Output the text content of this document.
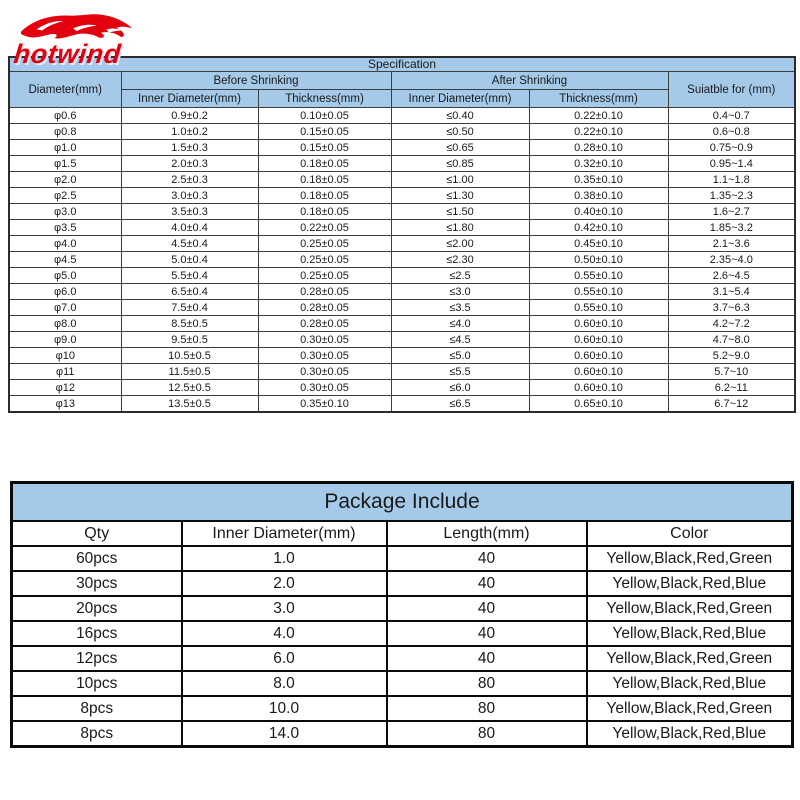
hotwind	Specification					
Diameter(mm)	Before Shrinking		After Shrinking		Suiatble for (mm)
	Inner Diameter(mm)	Thickness(mm)	Inner Diameter(mm)	Thickness(mm)	
φ0.6	0.9±0.2	0.10±0.05	≤0.40	0.22±0.10	0.4~0.7
φ0.8	1.0±0.2	0.15±0.05	≤0.50	0.22±0.10	0.6~0.8
φ1.0	1.5±0.3	0.15±0.05	≤0.65	0.28±0.10	0.75~0.9
φ1.5	2.0±0.3	0.18±0.05	≤0.85	0.32±0.10	0.95~1.4
φ2.0	2.5±0.3	0.18±0.05	≤1.00	0.35±0.10	1.1~1.8
φ2.5	3.0±0.3	0.18±0.05	≤1.30	0.38±0.10	1.35~2.3
φ3.0	3.5±0.3	0.18±0.05	≤1.50	0.40±0.10	1.6~2.7
φ3.5	4.0±0.4	0.22±0.05	≤1.80	0.42±0.10	1.85~3.2
φ4.0	4.5±0.4	0.25±0.05	≤2.00	0.45±0.10	2.1~3.6
φ4.5	5.0±0.4	0.25±0.05	≤2.30	0.50±0.10	2.35~4.0
φ5.0	5.5±0.4	0.25±0.05	≤2.5	0.55±0.10	2.6~4.5
φ6.0	6.5±0.4	0.28±0.05	≤3.0	0.55±0.10	3.1~5.4
φ7.0	7.5±0.4	0.28±0.05	≤3.5	0.55±0.10	3.7~6.3
φ8.0	8.5±0.5	0.28±0.05	≤4.0	0.60±0.10	4.2~7.2
φ9.0	9.5±0.5	0.30±0.05	≤4.5	0.60±0.10	4.7~8.0
φ10	10.5±0.5	0.30±0.05	≤5.0	0.60±0.10	5.2~9.0
φ11	11.5±0.5	0.30±0.05	≤5.5	0.60±0.10	5.7~10
φ12	12.5±0.5	0.30±0.05	≤6.0	0.60±0.10	6.2~11
φ13	13.5±0.5	0.35±0.10	≤6.5	0.65±0.10	6.7~12
Package Include			
Qty	Inner Diameter(mm)	Length(mm)	Color
60pcs	1.0	40	Yellow,Black,Red,Green
30pcs	2.0	40	Yellow,Black,Red,Blue
20pcs	3.0	40	Yellow,Black,Red,Green
16pcs	4.0	40	Yellow,Black,Red,Blue
12pcs	6.0	40	Yellow,Black,Red,Green
10pcs	8.0	80	Yellow,Black,Red,Blue
8pcs	10.0	80	Yellow,Black,Red,Green
8pcs	14.0	80	Yellow,Black,Red,Blue
